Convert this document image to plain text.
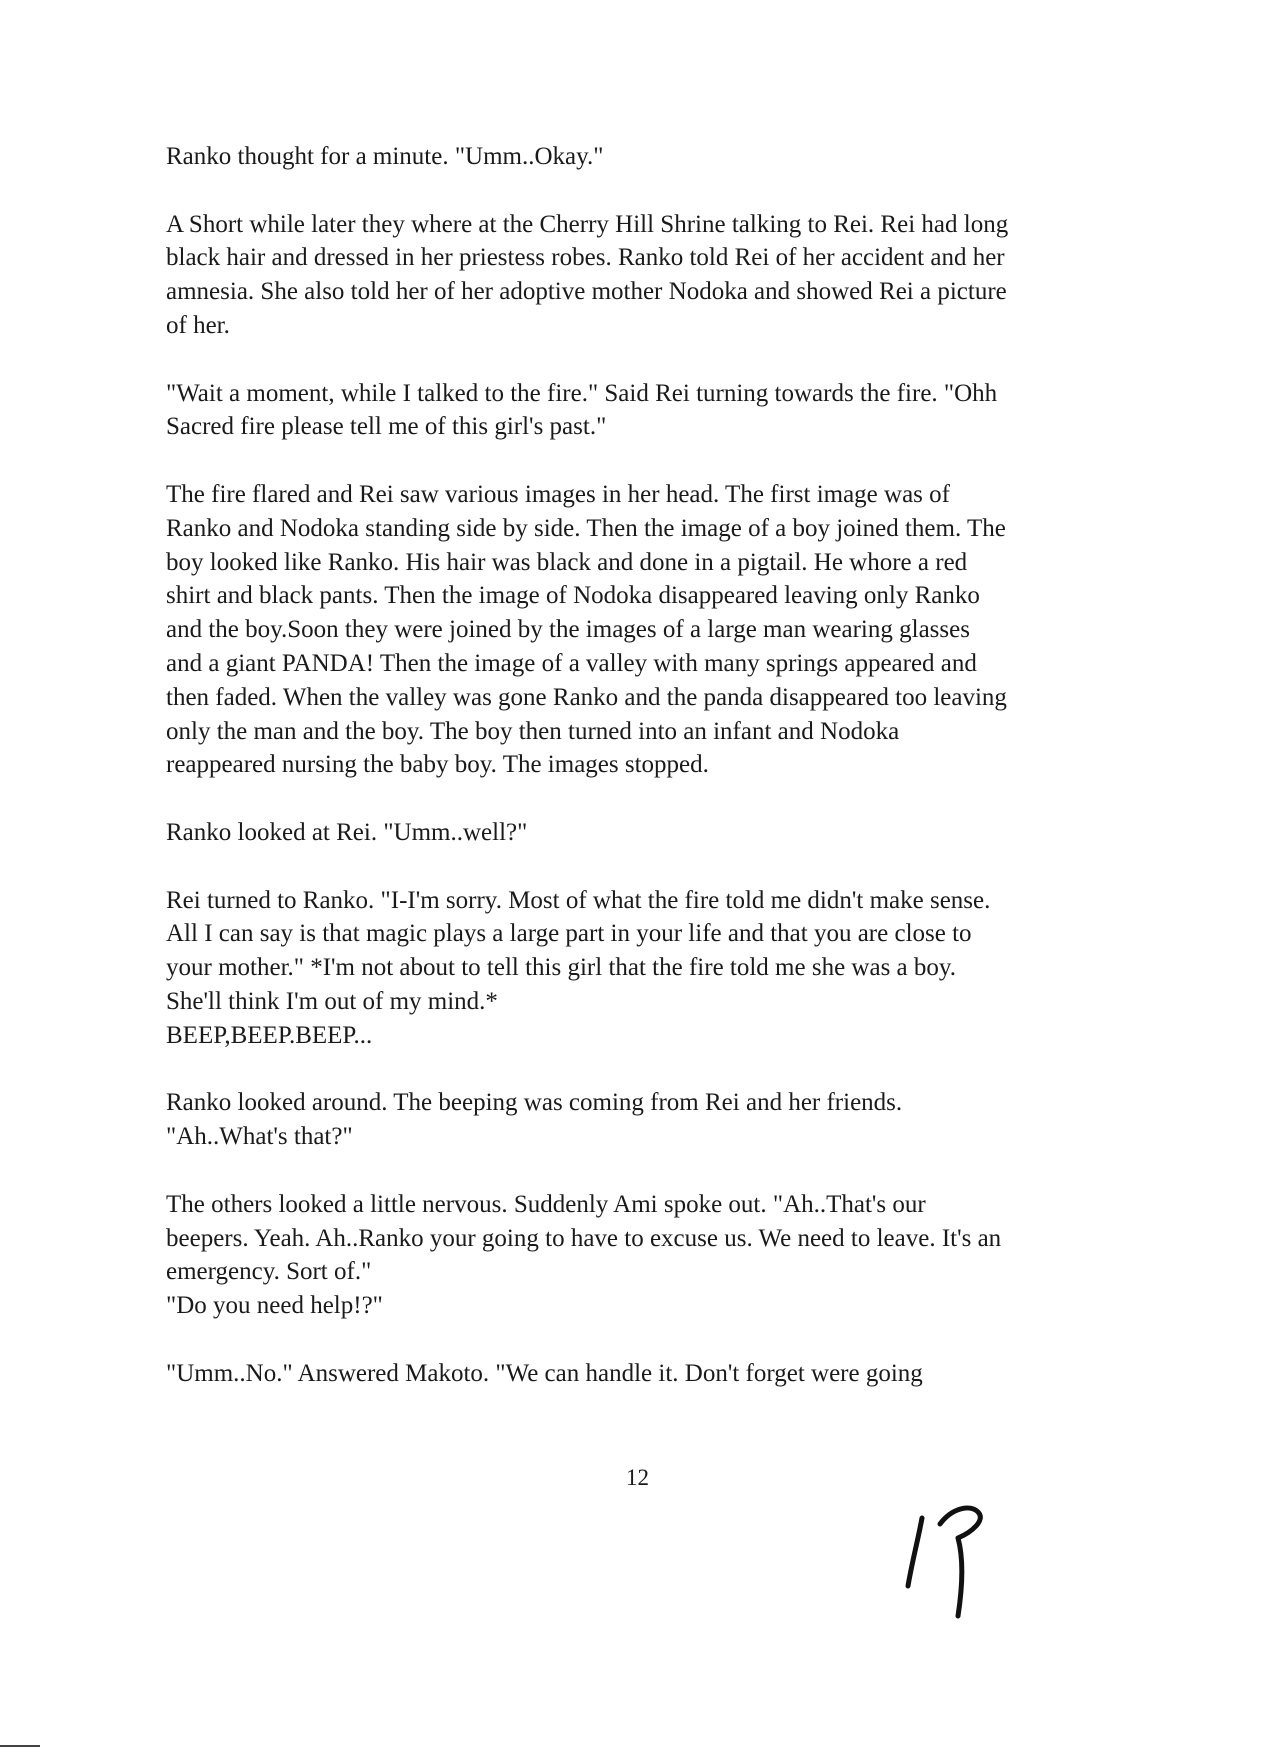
Ranko thought for a minute. "Umm..Okay."

A Short while later they where at the Cherry Hill Shrine talking to Rei. Rei had long
black hair and dressed in her priestess robes. Ranko told Rei of her accident and her
amnesia. She also told her of her adoptive mother Nodoka and showed Rei a picture
of her.

"Wait a moment, while I talked to the fire." Said Rei turning towards the fire. "Ohh
Sacred fire please tell me of this girl's past."

The fire flared and Rei saw various images in her head. The first image was of
Ranko and Nodoka standing side by side. Then the image of a boy joined them. The
boy looked like Ranko. His hair was black and done in a pigtail. He whore a red
shirt and black pants. Then the image of Nodoka disappeared leaving only Ranko
and the boy.Soon they were joined by the images of a large man wearing glasses
and a giant PANDA! Then the image of a valley with many springs appeared and
then faded. When the valley was gone Ranko and the panda disappeared too leaving
only the man and the boy. The boy then turned into an infant and Nodoka
reappeared nursing the baby boy. The images stopped.

Ranko looked at Rei. "Umm..well?"

Rei turned to Ranko. "I-I'm sorry. Most of what the fire told me didn't make sense.
All I can say is that magic plays a large part in your life and that you are close to
your mother." *I'm not about to tell this girl that the fire told me she was a boy.
She'll think I'm out of my mind.*
BEEP,BEEP.BEEP...

Ranko looked around. The beeping was coming from Rei and her friends.
"Ah..What's that?"

The others looked a little nervous. Suddenly Ami spoke out. "Ah..That's our
beepers. Yeah. Ah..Ranko your going to have to excuse us. We need to leave. It's an
emergency. Sort of."
"Do you need help!?"

"Umm..No." Answered Makoto. "We can handle it. Don't forget were going

12
